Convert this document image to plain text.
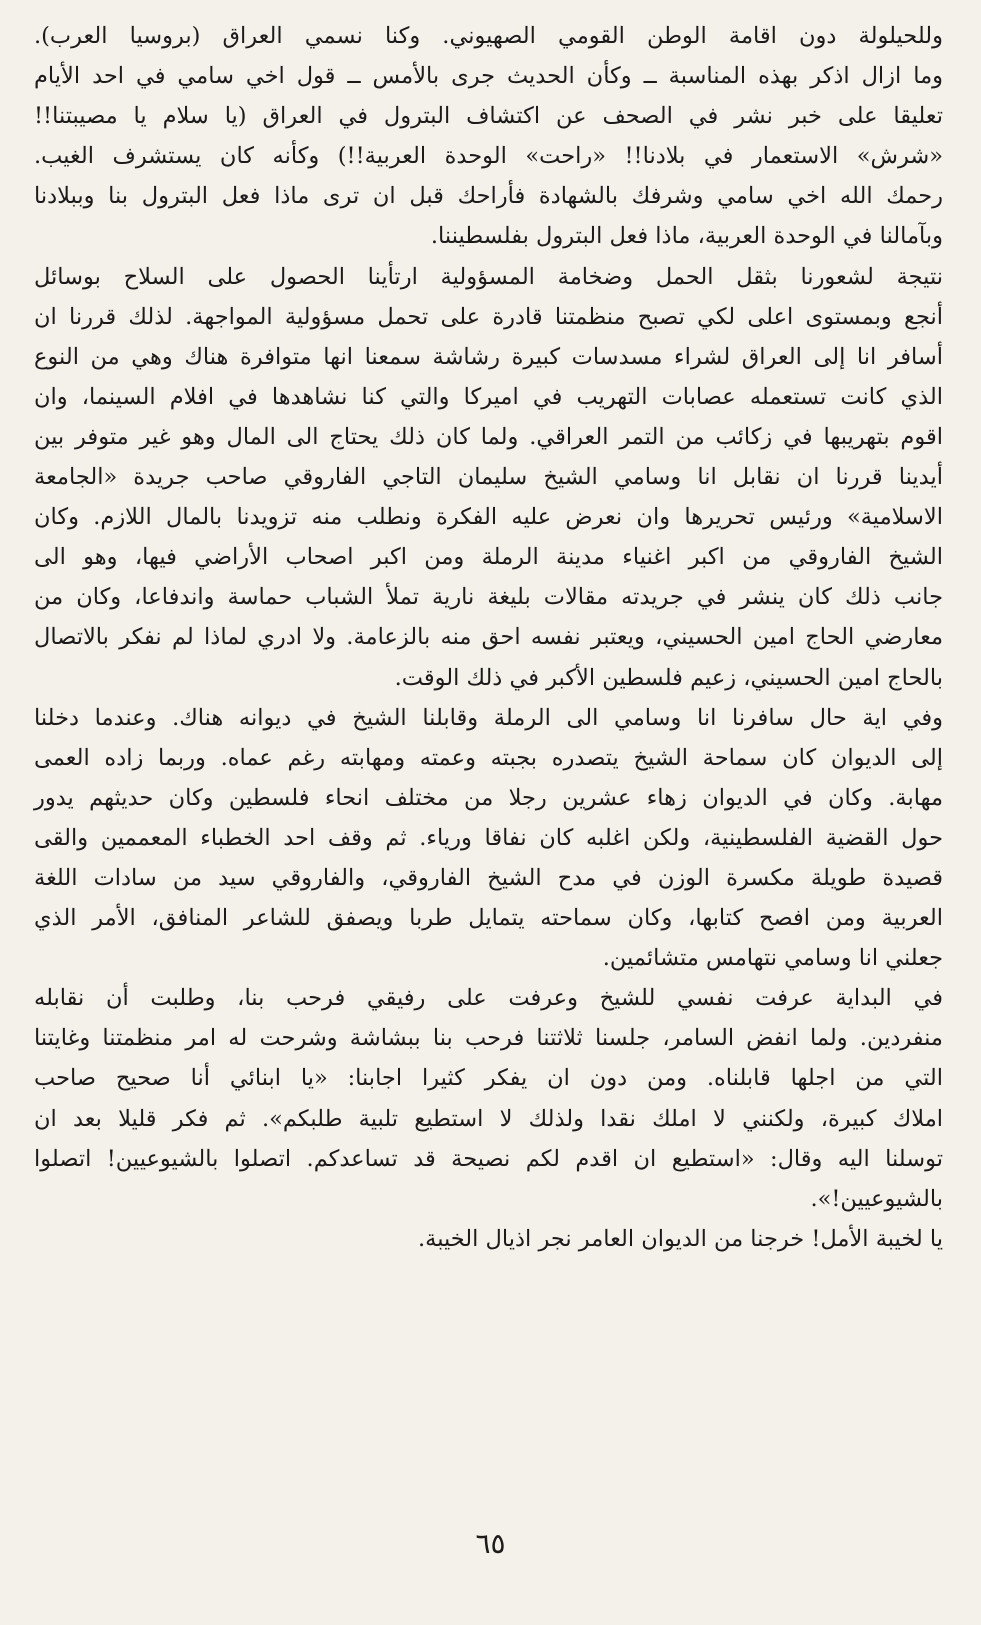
وللحيلولة دون اقامة الوطن القومي الصهيوني. وكنا نسمي العراق (بروسيا العرب).
وما ازال اذكر بهذه المناسبة ــ وكأن الحديث جرى بالأمس ــ قول اخي سامي في احد الأيام
تعليقا على خبر نشر في الصحف عن اكتشاف البترول في العراق (يا سلام يا مصيبتنا!!
«شرش» الاستعمار في بلادنا!! «راحت» الوحدة العربية!!) وكأنه كان يستشرف الغيب.
رحمك الله اخي سامي وشرفك بالشهادة فأراحك قبل ان ترى ماذا فعل البترول بنا وببلادنا
وبآمالنا في الوحدة العربية، ماذا فعل البترول بفلسطيننا.

نتيجة لشعورنا بثقل الحمل وضخامة المسؤولية ارتأينا الحصول على السلاح بوسائل
أنجع وبمستوى اعلى لكي تصبح منظمتنا قادرة على تحمل مسؤولية المواجهة. لذلك قررنا ان
أسافر انا إلى العراق لشراء مسدسات كبيرة رشاشة سمعنا انها متوافرة هناك وهي من النوع
الذي كانت تستعمله عصابات التهريب في اميركا والتي كنا نشاهدها في افلام السينما، وان
اقوم بتهريبها في زكائب من التمر العراقي. ولما كان ذلك يحتاج الى المال وهو غير متوفر بين
أيدينا قررنا ان نقابل انا وسامي الشيخ سليمان التاجي الفاروقي صاحب جريدة «الجامعة
الاسلامية» ورئيس تحريرها وان نعرض عليه الفكرة ونطلب منه تزويدنا بالمال اللازم. وكان
الشيخ الفاروقي من اكبر اغنياء مدينة الرملة ومن اكبر اصحاب الأراضي فيها، وهو الى
جانب ذلك كان ينشر في جريدته مقالات بليغة نارية تملأ الشباب حماسة واندفاعا، وكان من
معارضي الحاج امين الحسيني، ويعتبر نفسه احق منه بالزعامة. ولا ادري لماذا لم نفكر بالاتصال
بالحاج امين الحسيني، زعيم فلسطين الأكبر في ذلك الوقت.

وفي اية حال سافرنا انا وسامي الى الرملة وقابلنا الشيخ في ديوانه هناك. وعندما دخلنا
إلى الديوان كان سماحة الشيخ يتصدره بجبته وعمته ومهابته رغم عماه. وربما زاده العمى
مهابة. وكان في الديوان زهاء عشرين رجلا من مختلف انحاء فلسطين وكان حديثهم يدور
حول القضية الفلسطينية، ولكن اغلبه كان نفاقا ورياء. ثم وقف احد الخطباء المعممين والقى
قصيدة طويلة مكسرة الوزن في مدح الشيخ الفاروقي، والفاروقي سيد من سادات اللغة
العربية ومن افصح كتابها، وكان سماحته يتمايل طربا ويصفق للشاعر المنافق، الأمر الذي
جعلني انا وسامي نتهامس متشائمين.

في البداية عرفت نفسي للشيخ وعرفت على رفيقي فرحب بنا، وطلبت أن نقابله
منفردين. ولما انفض السامر، جلسنا ثلاثتنا فرحب بنا ببشاشة وشرحت له امر منظمتنا وغايتنا
التي من اجلها قابلناه. ومن دون ان يفكر كثيرا اجابنا: «يا ابنائي أنا صحيح صاحب
املاك كبيرة، ولكنني لا املك نقدا ولذلك لا استطيع تلبية طلبكم». ثم فكر قليلا بعد ان
توسلنا اليه وقال: «استطيع ان اقدم لكم نصيحة قد تساعدكم. اتصلوا بالشيوعيين! اتصلوا
بالشيوعيين!».

يا لخيبة الأمل! خرجنا من الديوان العامر نجر اذيال الخيبة.

٦٥
